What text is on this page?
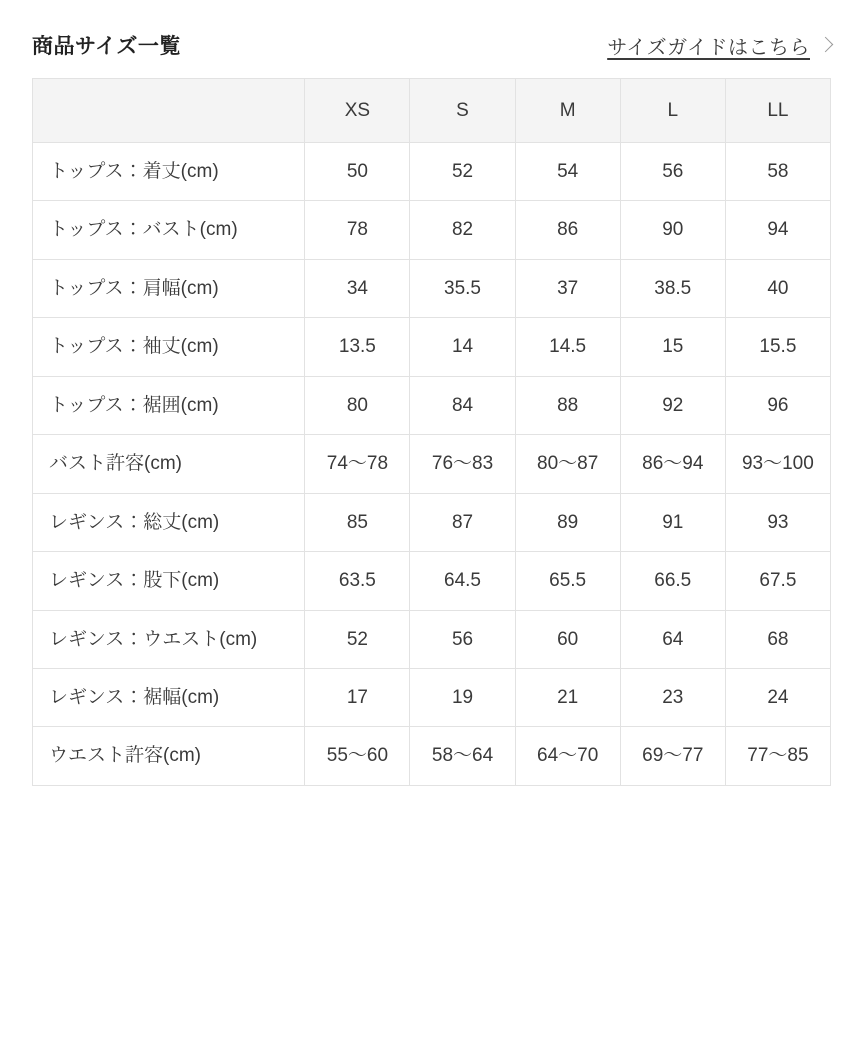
商品サイズ一覧	サイズガイドはこちら
	XS	S	M	L	LL
トップス：着丈(cm)	50	52	54	56	58
トップス：バスト(cm)	78	82	86	90	94
トップス：肩幅(cm)	34	35.5	37	38.5	40
トップス：袖丈(cm)	13.5	14	14.5	15	15.5
トップス：裾囲(cm)	80	84	88	92	96
バスト許容(cm)	74〜78	76〜83	80〜87	86〜94	93〜100
レギンス：総丈(cm)	85	87	89	91	93
レギンス：股下(cm)	63.5	64.5	65.5	66.5	67.5
レギンス：ウエスト(cm)	52	56	60	64	68
レギンス：裾幅(cm)	17	19	21	23	24
ウエスト許容(cm)	55〜60	58〜64	64〜70	69〜77	77〜85
